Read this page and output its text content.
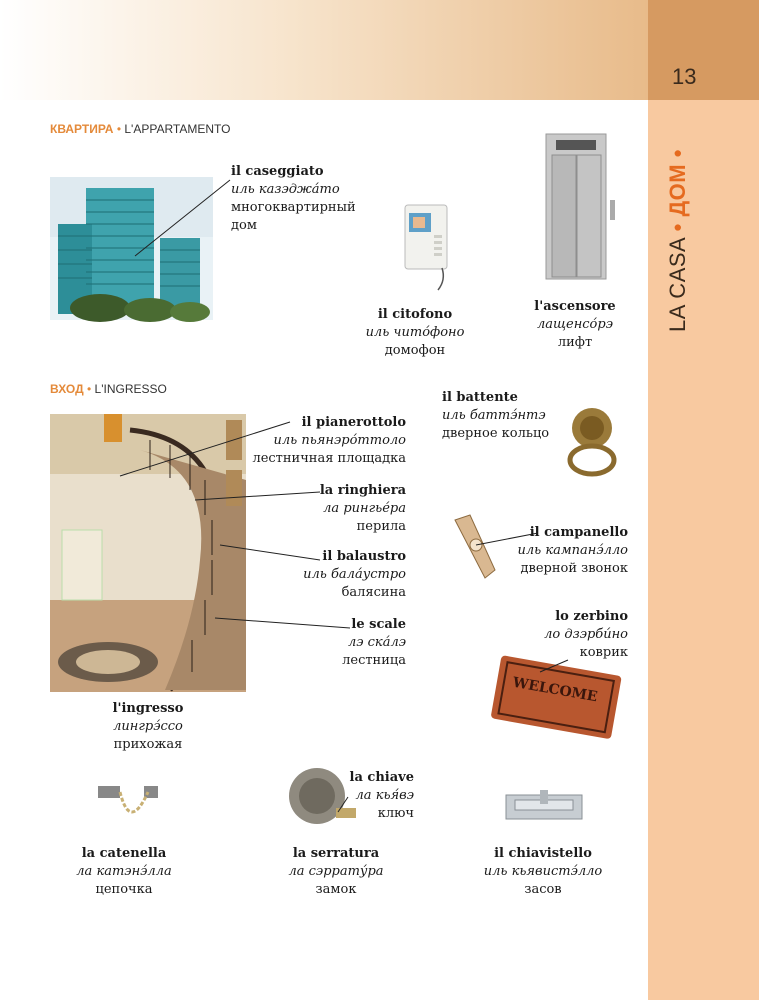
13
LA CASA • ДОМ •
КВАРТИРА • L'APPARTAMENTO
ВХОД • L'INGRESSO
WELCOME
il caseggiato
иль казэджа́то
многоквартирный
дом
il citofono
иль чито́фоно
домофон
l'ascensore
лащенсо́рэ
лифт
il pianerottolo
иль пьянэро́ттоло
лестничная площадка
la ringhiera
ла рингье́ра
перила
il balaustro
иль бала́устро
балясина
le scale
лэ ска́лэ
лестница
l'ingresso
лингрэ́ссо
прихожая
il battente
иль баттэ́нтэ
дверное кольцо
il campanello
иль кампанэ́лло
дверной звонок
lo zerbino
ло дзэрби́но
коврик
la chiave
ла кья́вэ
ключ
la catenella
ла катэнэ́лла
цепочка
la serratura
ла сэррату́ра
замок
il chiavistello
иль кьявистэ́лло
засов
